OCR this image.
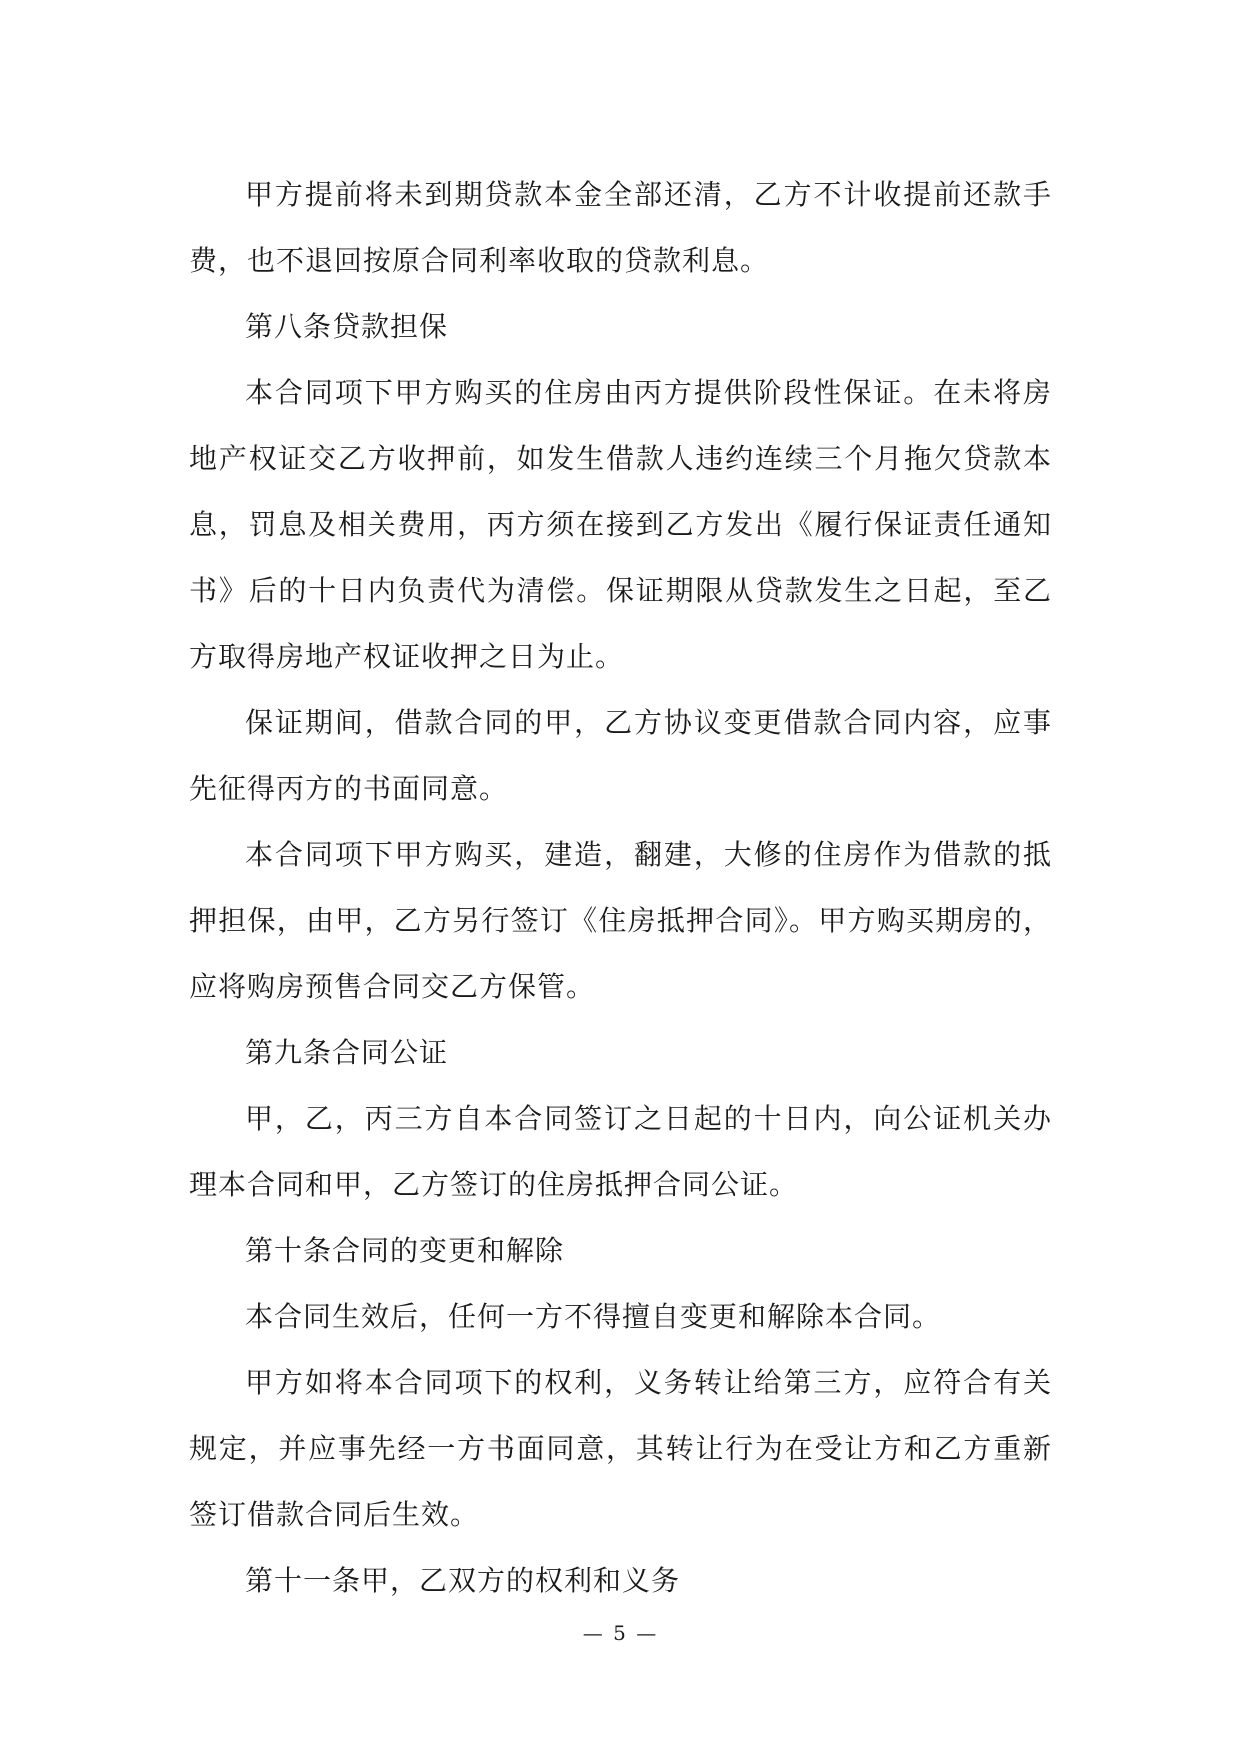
甲方提前将未到期贷款本金全部还清，乙方不计收提前还款手费，也不退回按原合同利率收取的贷款利息。

第八条贷款担保

本合同项下甲方购买的住房由丙方提供阶段性保证。在未将房地产权证交乙方收押前，如发生借款人违约连续三个月拖欠贷款本息，罚息及相关费用，丙方须在接到乙方发出《履行保证责任通知书》后的十日内负责代为清偿。保证期限从贷款发生之日起，至乙方取得房地产权证收押之日为止。

保证期间，借款合同的甲，乙方协议变更借款合同内容，应事先征得丙方的书面同意。

本合同项下甲方购买，建造，翻建，大修的住房作为借款的抵押担保，由甲，乙方另行签订《住房抵押合同》。甲方购买期房的，应将购房预售合同交乙方保管。

第九条合同公证

甲，乙，丙三方自本合同签订之日起的十日内，向公证机关办理本合同和甲，乙方签订的住房抵押合同公证。

第十条合同的变更和解除

本合同生效后，任何一方不得擅自变更和解除本合同。

甲方如将本合同项下的权利，义务转让给第三方，应符合有关规定，并应事先经一方书面同意，其转让行为在受让方和乙方重新签订借款合同后生效。

第十一条甲，乙双方的权利和义务

— 5 —
